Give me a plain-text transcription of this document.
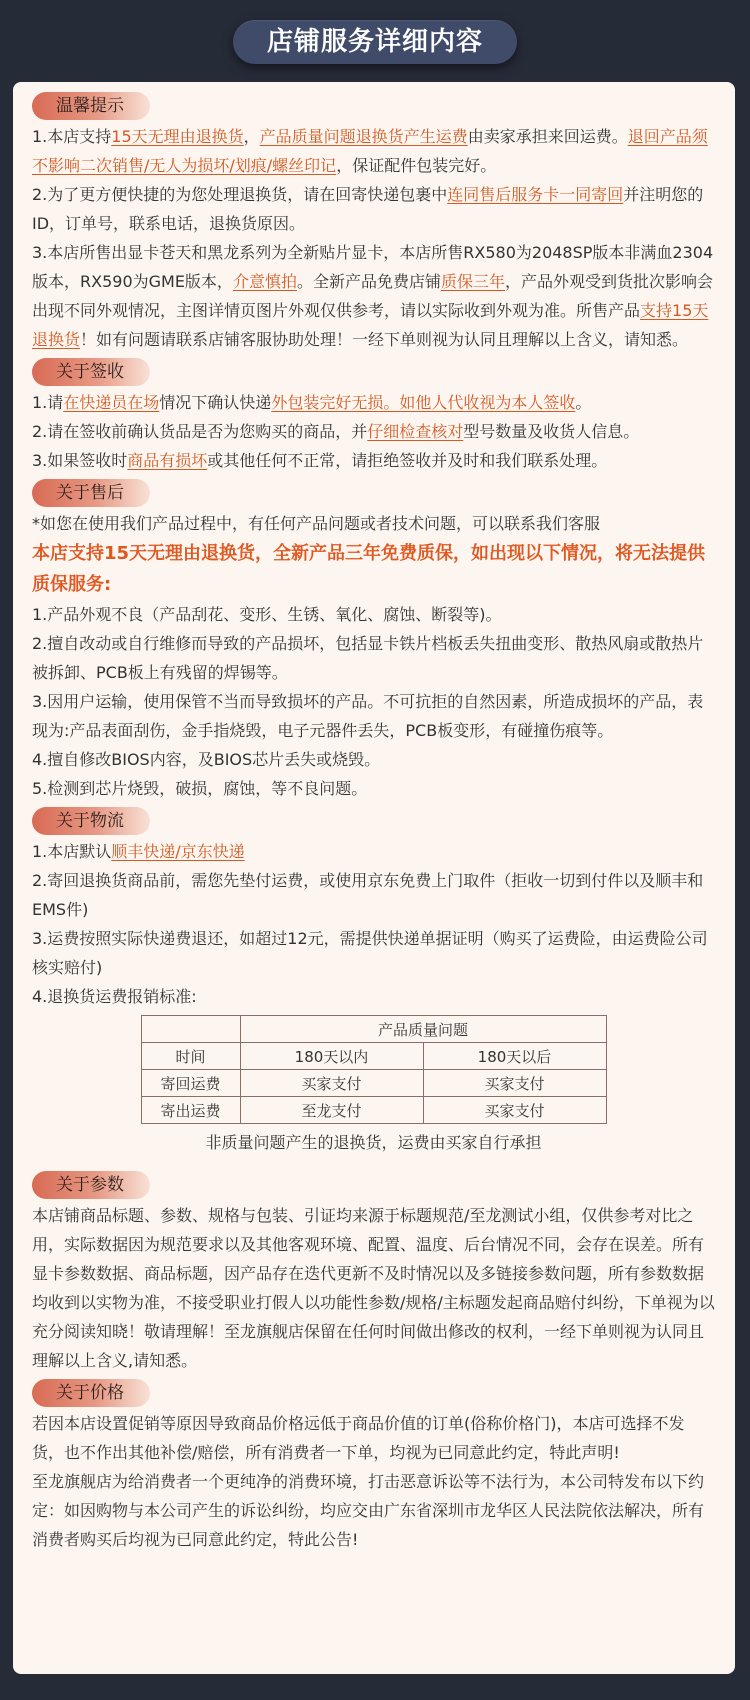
店铺服务详细内容
温馨提示

1.本店支持15天无理由退换货，产品质量问题退换货产生运费由卖家承担来回运费。退回产品须不影响二次销售/无人为损坏/划痕/螺丝印记，保证配件包装完好。

2.为了更方便快捷的为您处理退换货，请在回寄快递包裹中连同售后服务卡一同寄回并注明您的ID，订单号，联系电话，退换货原因。

3.本店所售出显卡苍天和黑龙系列为全新贴片显卡，本店所售RX580为2048SP版本非满血2304版本，RX590为GME版本，介意慎拍。全新产品免费店铺质保三年，产品外观受到货批次影响会出现不同外观情况，主图详情页图片外观仅供参考，请以实际收到外观为准。所售产品支持15天退换货！如有问题请联系店铺客服协助处理！一经下单则视为认同且理解以上含义，请知悉。

关于签收

1.请在快递员在场情况下确认快递外包装完好无损。如他人代收视为本人签收。

2.请在签收前确认货品是否为您购买的商品，并仔细检查核对型号数量及收货人信息。

3.如果签收时商品有损坏或其他任何不正常，请拒绝签收并及时和我们联系处理。

关于售后

*如您在使用我们产品过程中，有任何产品问题或者技术问题，可以联系我们客服

本店支持15天无理由退换货，全新产品三年免费质保，如出现以下情况，将无法提供质保服务:

1.产品外观不良（产品刮花、变形、生锈、氧化、腐蚀、断裂等)。

2.擅自改动或自行维修而导致的产品损坏，包括显卡铁片档板丢失扭曲变形、散热风扇或散热片被拆卸、PCB板上有残留的焊锡等。

3.因用户运输，使用保管不当而导致损坏的产品。不可抗拒的自然因素，所造成损坏的产品，表现为:产品表面刮伤，金手指烧毁，电子元器件丢失，PCB板变形，有碰撞伤痕等。

4.擅自修改BIOS内容，及BIOS芯片丢失或烧毁。

5.检测到芯片烧毁，破损，腐蚀，等不良问题。

关于物流

1.本店默认顺丰快递/京东快递

2.寄回退换货商品前，需您先垫付运费，或使用京东免费上门取件（拒收一切到付件以及顺丰和EMS件)

3.运费按照实际快递费退还，如超过12元，需提供快递单据证明（购买了运费险，由运费险公司核实赔付)

4.退换货运费报销标准:

	产品质量问题	
时间	180天以内	180天以后
寄回运费	买家支付	买家支付
寄出运费	至龙支付	买家支付

非质量问题产生的退换货，运费由买家自行承担

关于参数

本店铺商品标题、参数、规格与包装、引证均来源于标题规范/至龙测试小组，仅供参考对比之用，实际数据因为规范要求以及其他客观环境、配置、温度、后台情况不同，会存在误差。所有显卡参数数据、商品标题，因产品存在迭代更新不及时情况以及多链接参数问题，所有参数数据均收到以实物为准，不接受职业打假人以功能性参数/规格/主标题发起商品赔付纠纷，下单视为以充分阅读知晓！敬请理解！至龙旗舰店保留在任何时间做出修改的权利，一经下单则视为认同且理解以上含义,请知悉。

关于价格

若因本店设置促销等原因导致商品价格远低于商品价值的订单(俗称价格门)，本店可选择不发货，也不作出其他补偿/赔偿，所有消费者一下单，均视为已同意此约定，特此声明!

至龙旗舰店为给消费者一个更纯净的消费环境，打击恶意诉讼等不法行为，本公司特发布以下约定：如因购物与本公司产生的诉讼纠纷，均应交由广东省深圳市龙华区人民法院依法解决，所有消费者购买后均视为已同意此约定，特此公告!
